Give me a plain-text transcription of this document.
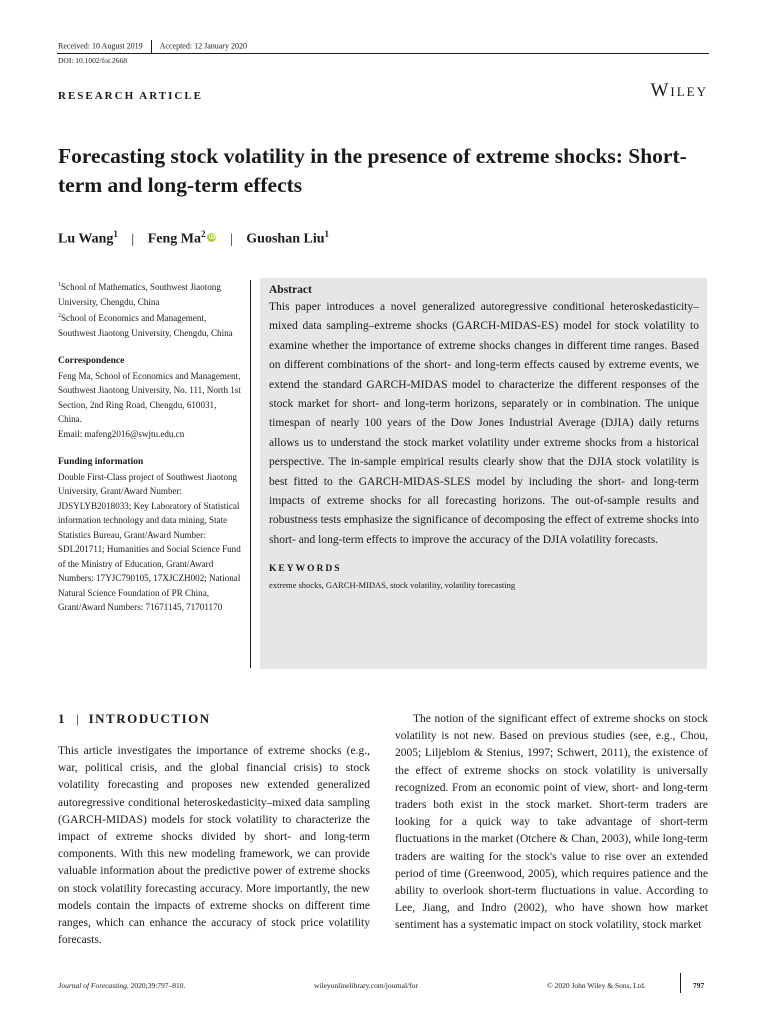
Received: 10 August 2019 Accepted: 12 January 2020
DOI: 10.1002/for.2668
RESEARCH ARTICLE	Wiley
Forecasting stock volatility in the presence of extreme shocks: Short-term and long-term effects
Lu Wang$^1$ | Feng Ma$^2$ iD | Guoshan Liu$^1$

$^1$School of Mathematics, Southwest Jiaotong University, Chengdu, China

$^2$School of Economics and Management, Southwest Jiaotong University, Chengdu, China

Correspondence

Feng Ma, School of Economics and Management, Southwest Jiaotong University, No. 111, North 1st Section, 2nd Ring Road, Chengdu, 610031, China.

Email: mafeng2016@swjtu.edu.cn

Funding information

Double First-Class project of Southwest Jiaotong University, Grant/Award Number: JDSYLYB2018033; Key Laboratory of Statistical information technology and data mining, State Statistics Bureau, Grant/Award Number: SDL201711; Humanities and Social Science Fund of the Ministry of Education, Grant/Award Numbers: 17YJC790105, 17XJCZH002; National Natural Science Foundation of PR China, Grant/Award Numbers: 71671145, 71701170

Abstract

This paper introduces a novel generalized autoregressive conditional heteroskedasticity–mixed data sampling–extreme shocks (GARCH-MIDAS-ES) model for stock volatility to examine whether the importance of extreme shocks changes in different time ranges. Based on different combinations of the short- and long-term effects caused by extreme events, we extend the standard GARCH-MIDAS model to characterize the different responses of the stock market for short- and long-term horizons, separately or in combination. The unique timespan of nearly 100 years of the Dow Jones Industrial Average (DJIA) daily returns allows us to understand the stock market volatility under extreme shocks from a historical perspective. The in-sample empirical results clearly show that the DJIA stock volatility is best fitted to the GARCH-MIDAS-SLES model by including the short- and long-term impacts of extreme shocks for all forecasting horizons. The out-of-sample results and robustness tests emphasize the significance of decomposing the effect of extreme shocks into short- and long-term effects to improve the accuracy of the DJIA volatility forecasts.

KEYWORDS
extreme shocks, GARCH-MIDAS, stock volatility, volatility forecasting
1 | INTRODUCTION

This article investigates the importance of extreme shocks (e.g., war, political crisis, and the global financial crisis) to stock volatility forecasting and proposes new extended generalized autoregressive conditional heteroskedasticity–mixed data sampling (GARCH-MIDAS) models for stock volatility to characterize the impact of extreme shocks divided by short- and long-term components. With this new modeling framework, we can provide valuable information about the predictive power of extreme shocks on stock volatility forecasting accuracy. More importantly, the new models contain the impacts of extreme shocks on different time ranges, which can enhance the accuracy of stock price volatility forecasts.

The notion of the significant effect of extreme shocks on stock volatility is not new. Based on previous studies (see, e.g., Chou, 2005; Liljeblom & Stenius, 1997; Schwert, 2011), the existence of the effect of extreme shocks on stock volatility is universally recognized. From an economic point of view, short- and long-term traders both exist in the stock market. Short-term traders are looking for a quick way to take advantage of short-term fluctuations in the market (Otchere & Chan, 2003), while long-term traders are waiting for the stock's value to rise over an extended period of time (Greenwood, 2005), which requires patience and the ability to overlook short-term fluctuations in value. According to Lee, Jiang, and Indro (2002), who have shown how market sentiment has a systematic impact on stock volatility, stock market

Journal of Forecasting. 2020;39:797–810.	wileyonlinelibrary.com/journal/for	© 2020 John Wiley & Sons, Ltd.	797
